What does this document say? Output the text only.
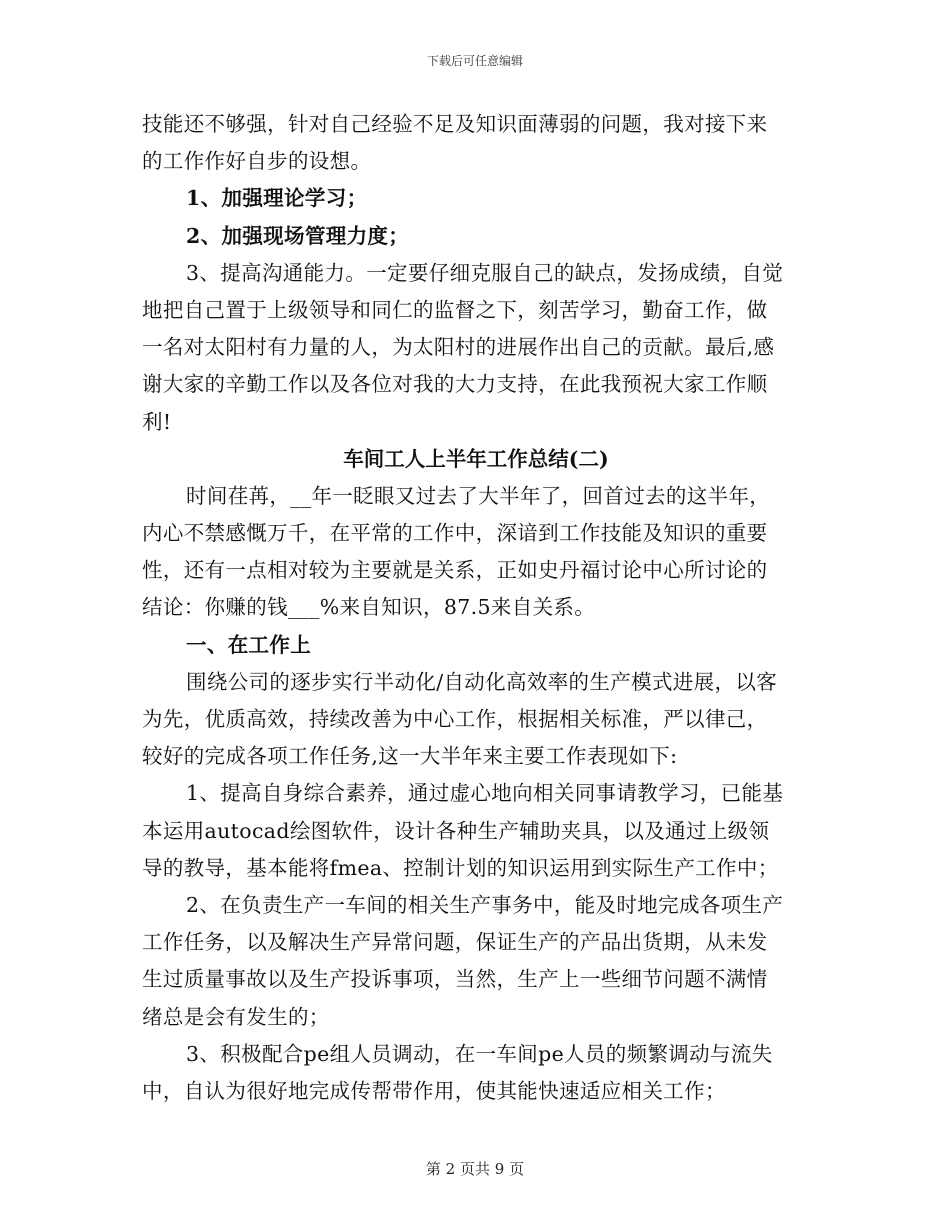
下载后可任意编辑
技能还不够强，针对自己经验不足及知识面薄弱的问题，我对接下来
的工作作好自步的设想。
1、加强理论学习；
2、加强现场管理力度；
3、提高沟通能力。一定要仔细克服自己的缺点，发扬成绩，自觉
地把自己置于上级领导和同仁的监督之下，刻苦学习，勤奋工作，做
一名对太阳村有力量的人，为太阳村的进展作出自己的贡献。最后,感
谢大家的辛勤工作以及各位对我的大力支持，在此我预祝大家工作顺
利!
车间工人上半年工作总结(二)
时间荏苒，__年一眨眼又过去了大半年了，回首过去的这半年，
内心不禁感慨万千，在平常的工作中，深谙到工作技能及知识的重要
性，还有一点相对较为主要就是关系，正如史丹福讨论中心所讨论的
结论：你赚的钱___%来自知识，87.5来自关系。
一、在工作上
围绕公司的逐步实行半动化/自动化高效率的生产模式进展，以客
为先，优质高效，持续改善为中心工作，根据相关标准，严以律己，
较好的完成各项工作任务,这一大半年来主要工作表现如下:
1、提高自身综合素养，通过虚心地向相关同事请教学习，已能基
本运用autocad绘图软件，设计各种生产辅助夹具，以及通过上级领
导的教导，基本能将fmea、控制计划的知识运用到实际生产工作中；
2、在负责生产一车间的相关生产事务中，能及时地完成各项生产
工作任务，以及解决生产异常问题，保证生产的产品出货期，从未发
生过质量事故以及生产投诉事项，当然，生产上一些细节问题不满情
绪总是会有发生的；
3、积极配合pe组人员调动，在一车间pe人员的频繁调动与流失
中，自认为很好地完成传帮带作用，使其能快速适应相关工作；
第 2 页共 9 页
